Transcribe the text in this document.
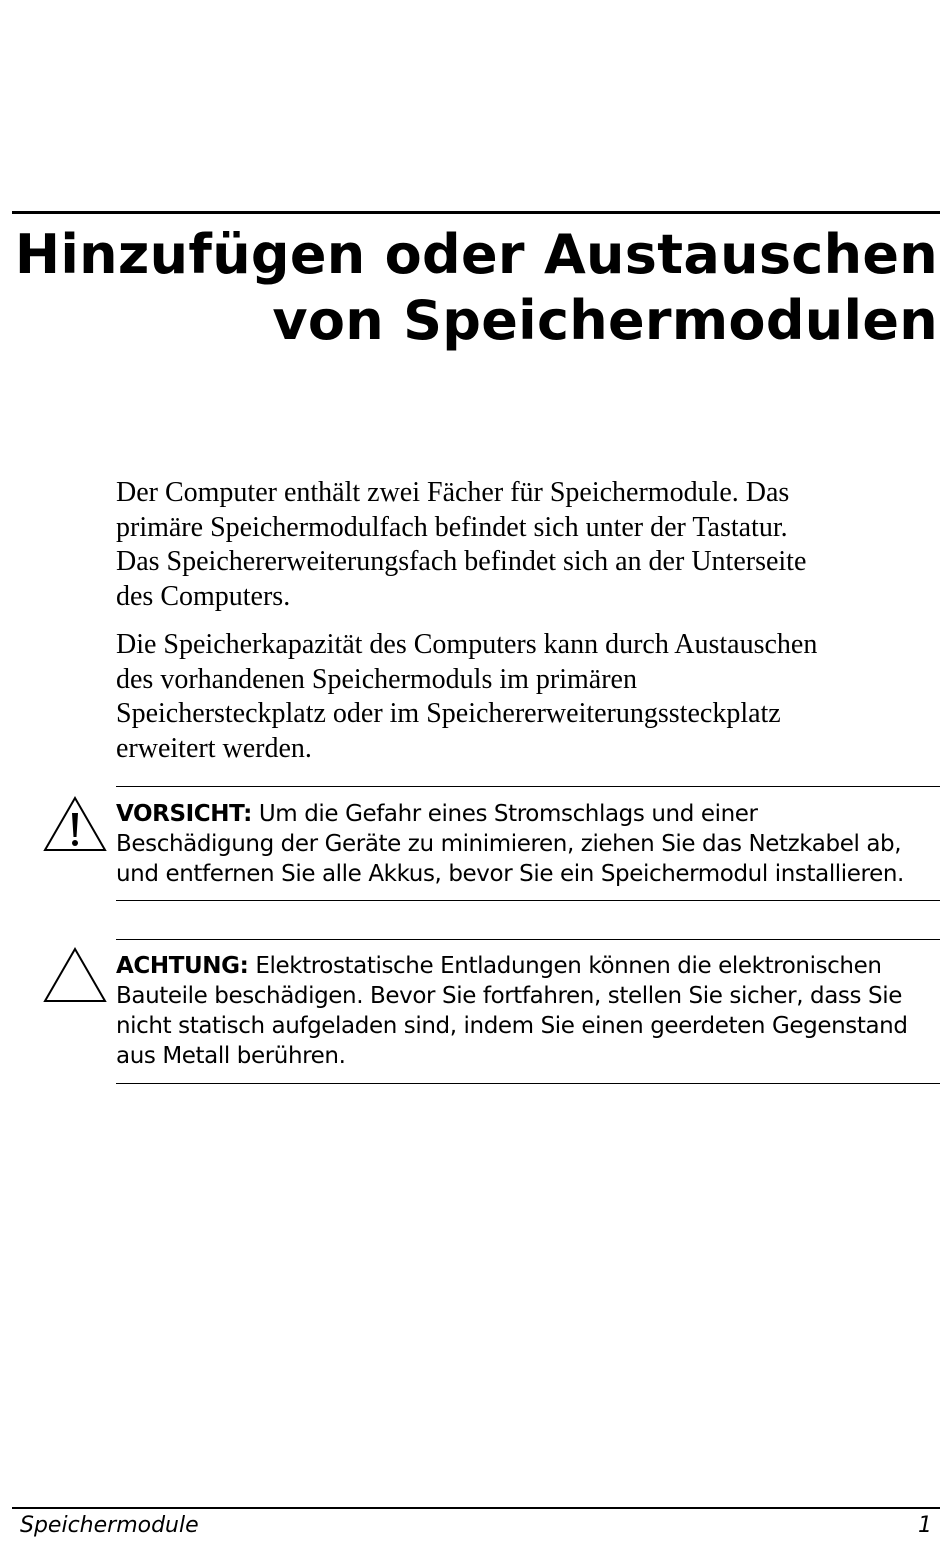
Hinzufügen oder Austauschen
von Speichermodulen

Der Computer enthält zwei Fächer für Speichermodule. Das
primäre Speichermodulfach befindet sich unter der Tastatur.
Das Speichererweiterungsfach befindet sich an der Unterseite
des Computers.

Die Speicherkapazität des Computers kann durch Austauschen
des vorhandenen Speichermoduls im primären
Speichersteckplatz oder im Speichererweiterungssteckplatz
erweitert werden.

VORSICHT: Um die Gefahr eines Stromschlags und einer
Beschädigung der Geräte zu minimieren, ziehen Sie das Netzkabel ab,
und entfernen Sie alle Akkus, bevor Sie ein Speichermodul installieren.

ACHTUNG: Elektrostatische Entladungen können die elektronischen
Bauteile beschädigen. Bevor Sie fortfahren, stellen Sie sicher, dass Sie
nicht statisch aufgeladen sind, indem Sie einen geerdeten Gegenstand
aus Metall berühren.

Speichermodule	1
